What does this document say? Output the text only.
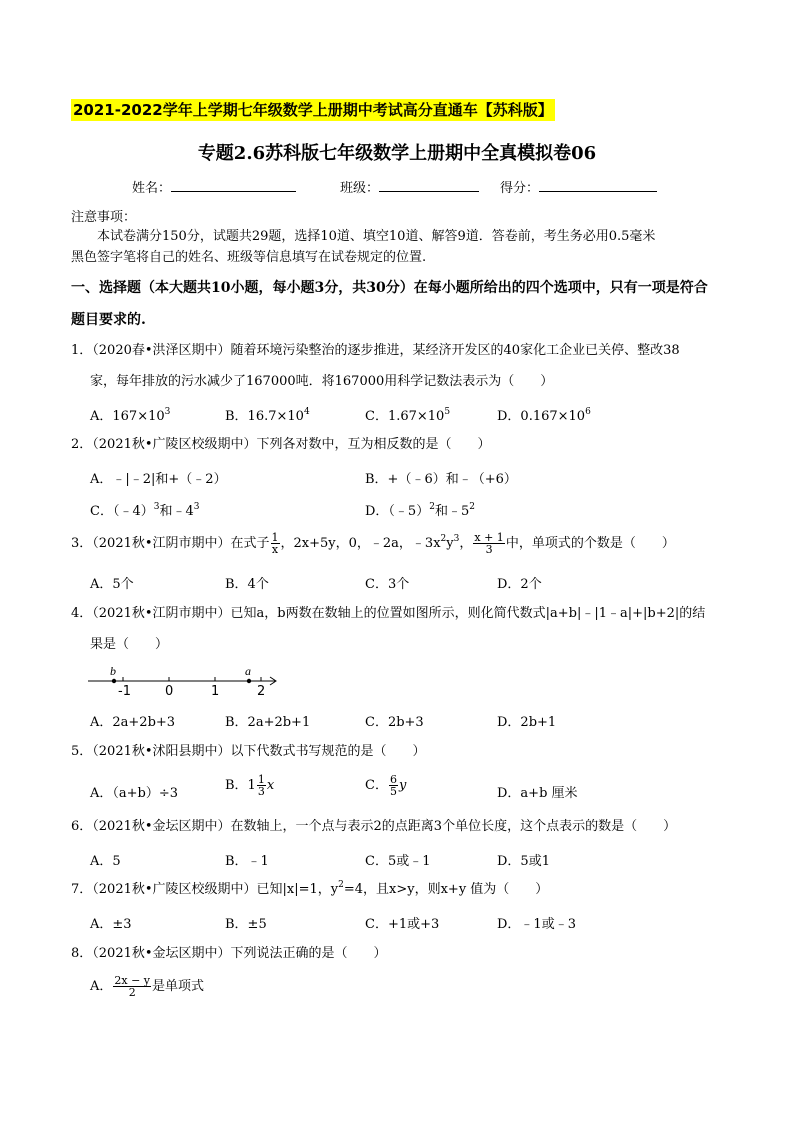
2021-2022学年上学期七年级数学上册期中考试高分直通车【苏科版】
专题2.6苏科版七年级数学上册期中全真模拟卷06
姓名：	班级：	得分：
注意事项：
本试卷满分150分，试题共29题，选择10道、填空10道、解答9道．答卷前，考生务必用0.5毫米
黑色签字笔将自己的姓名、班级等信息填写在试卷规定的位置.
一、选择题（本大题共10小题，每小题3分，共30分）在每小题所给出的四个选项中，只有一项是符合
题目要求的.
1．（2020春•洪泽区期中）随着环境污染整治的逐步推进，某经济开发区的40家化工企业已关停、整改38
家，每年排放的污水减少了167000吨．将167000用科学记数法表示为（　　）
A．$167\times 10^3$	B．$16.7\times 10^4$	C．$1.67\times 10^5$	D．$0.167\times 10^6$
2．（2021秋•广陵区校级期中）下列各对数中，互为相反数的是（　　）
A．﹣|﹣2|和+（﹣2）	B．+（﹣6）和﹣（+6）
C．（﹣4）$^3$和$﹣4^3$	D．（﹣5）$^2$和$﹣5^2$
3．（2021秋•江阴市期中）在式子 $\frac{1}{x}$ ，2x+5y，0，﹣2a，$﹣3x^2y^3$， $\frac{x + 1}{3}$ 中，单项式的个数是（　　）
A．5个	B．4个	C．3个	D．2个
4．（2021秋•江阴市期中）已知a，b两数在数轴上的位置如图所示，则化简代数式|a+b|﹣|1﹣a|+|b+2|的结
果是（　　）
b	a
-1	0	1	2
A．2a+2b+3	B．2a+2b+1	C．2b+3	D．2b+1
5．（2021秋•沭阳县期中）以下代数式书写规范的是（　　）
A．（a+b）÷3
B．$1 \frac{1}{3}$ x	C． $\frac{6}{5}$ y
D．a+b 厘米
6．（2021秋•金坛区期中）在数轴上，一个点与表示2的点距离3个单位长度，这个点表示的数是（　　）
A．5	B．﹣1	C．5或﹣1	D．5或1
7．（2021秋•广陵区校级期中）已知|x|=1，$y^2=4$，且x>y，则x+y 值为（　　）
A．±3	B．±5	C．+1或+3	D．﹣1或﹣3
8．（2021秋•金坛区期中）下列说法正确的是（　　）
A． $\frac{2x - y}{2}$ 是单项式
